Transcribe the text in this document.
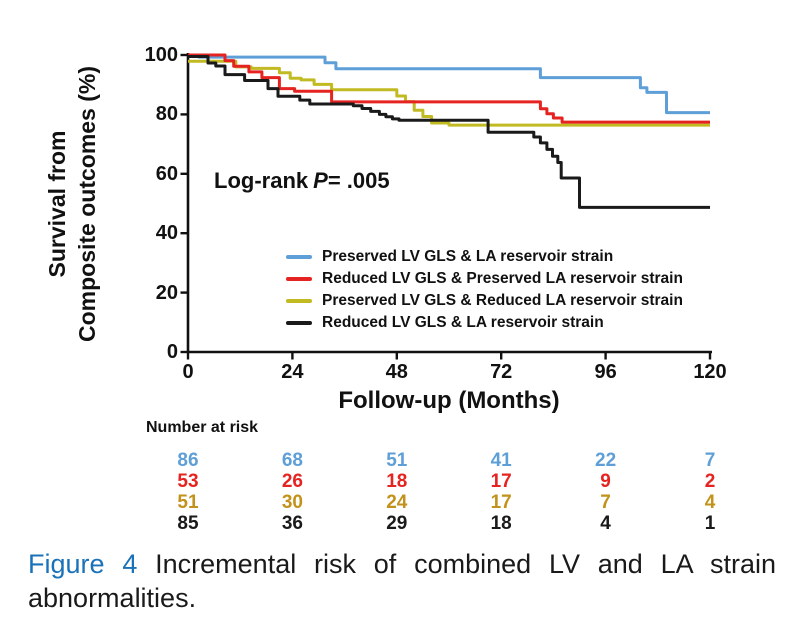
Survival from Composite outcomes (%)
100
80
60
40
20
0
0	24	48	72	96	120
Follow-up (Months)
Log-rank P= .005
Preserved LV GLS & LA reservoir strain
Reduced LV GLS & Preserved LA reservoir strain
Preserved LV GLS & Reduced LA reservoir strain
Reduced LV GLS & LA reservoir strain
Number at risk
86	68	51	41	22	7
53	26	18	17	9	2
51	30	24	17	7	4
85	36	29	18	4	1
Figure 4 Incremental risk of combined LV and LA strain
abnormalities.
